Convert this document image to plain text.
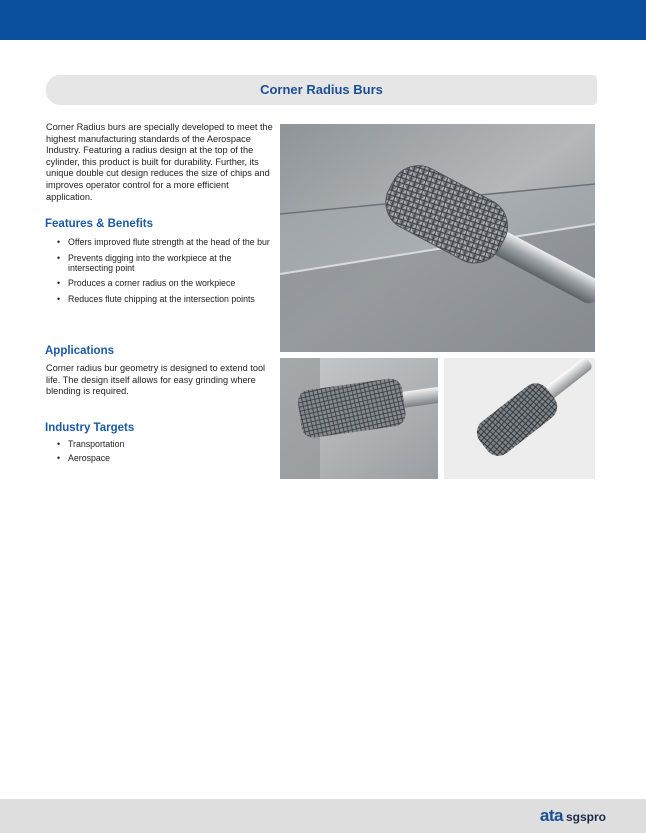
Corner Radius Burs

Corner Radius burs are specially developed to meet the highest manufacturing standards of the Aerospace Industry. Featuring a radius design at the top of the cylinder, this product is built for durability. Further, its unique double cut design reduces the size of chips and improves operator control for a more efficient application.

Features & Benefits
• Offers improved flute strength at the head of the bur
• Prevents digging into the workpiece at the intersecting point
• Produces a corner radius on the workpiece
• Reduces flute chipping at the intersection points
Applications

Corner radius bur geometry is designed to extend tool life. The design itself allows for easy grinding where blending is required.

Industry Targets
• Transportation
• Aerospace
ata sgspro
